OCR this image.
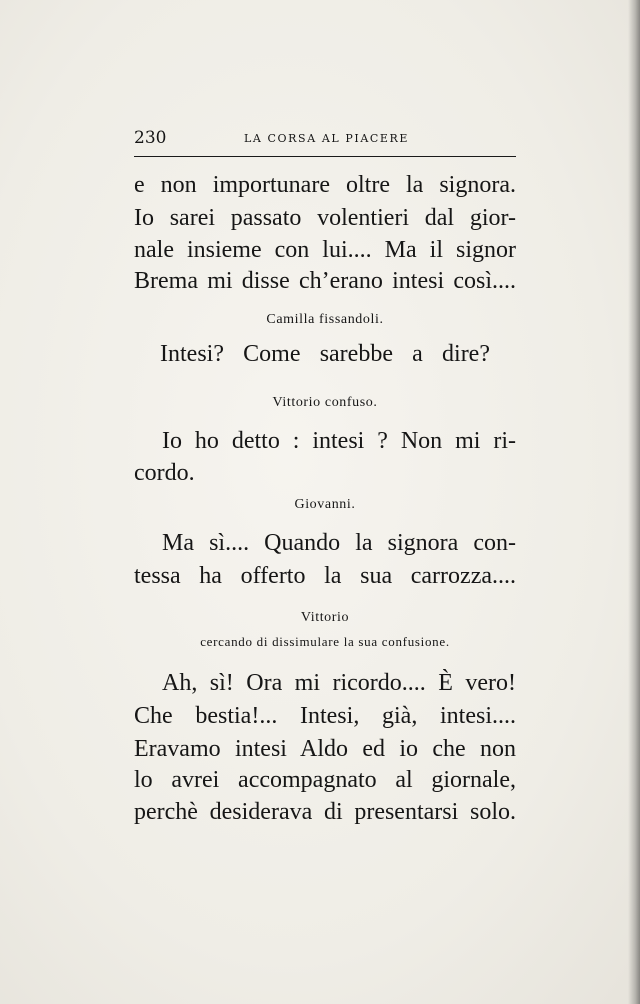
230	LA CORSA AL PIACERE
e non importunare oltre la signora.
Io sarei passato volentieri dal gior-
nale insieme con lui.... Ma il signor
Brema mi disse ch’erano intesi così....
Camilla fissandoli.
Intesi? Come sarebbe a dire?
Vittorio confuso.
Io ho detto : intesi ? Non mi ri-
cordo.
Giovanni.
Ma sì.... Quando la signora con-
tessa ha offerto la sua carrozza....
Vittorio
cercando di dissimulare la sua confusione.
Ah, sì! Ora mi ricordo.... È vero!
Che bestia!... Intesi, già, intesi....
Eravamo intesi Aldo ed io che non
lo avrei accompagnato al giornale,
perchè desiderava di presentarsi solo.
